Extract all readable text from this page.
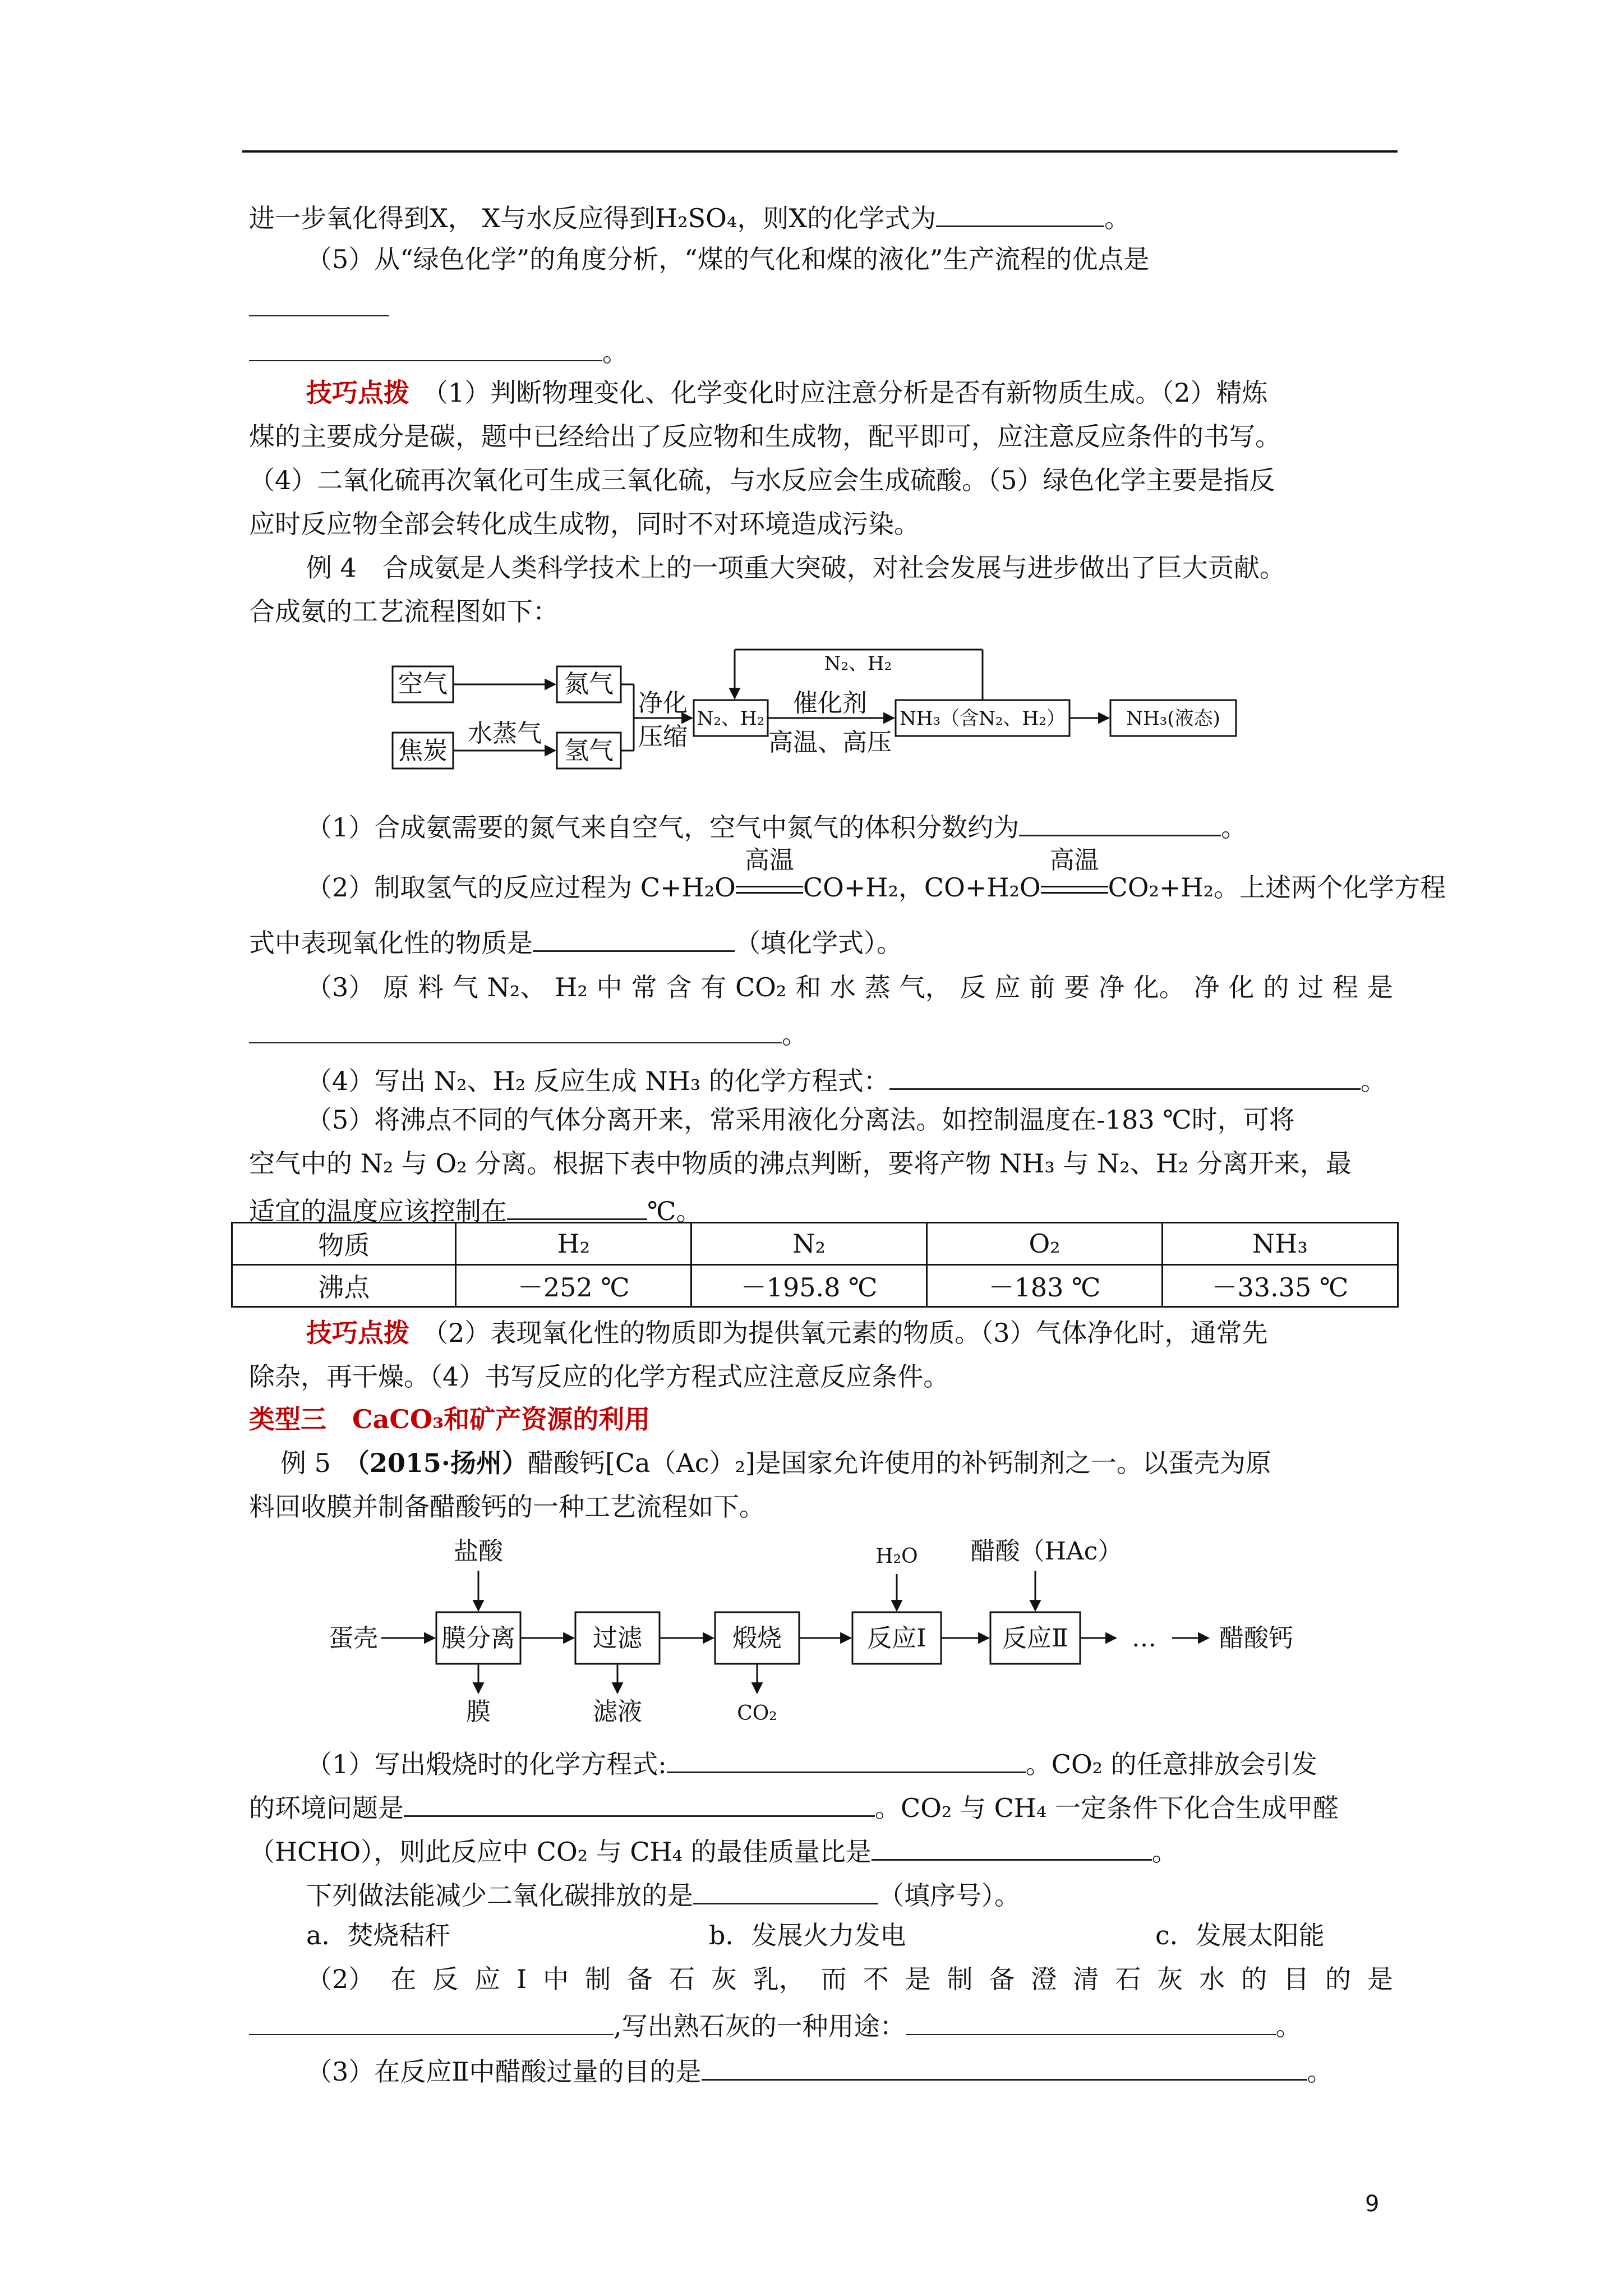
进一步氧化得到X， X与水反应得到H₂SO₄，则X的化学式为	。
（5）从“绿色化学”的角度分析，“煤的气化和煤的液化”生产流程的优点是
。
技巧点拨　 （1）判断物理变化、化学变化时应注意分析是否有新物质生成。（2）精炼
煤的主要成分是碳，题中已经给出了反应物和生成物，配平即可，应注意反应条件的书写。
（4）二氧化硫再次氧化可生成三氧化硫，与水反应会生成硫酸。（5）绿色化学主要是指反
应时反应物全部会转化成生成物，同时不对环境造成污染。
例 4　合成氨是人类科学技术上的一项重大突破，对社会发展与进步做出了巨大贡献。
合成氨的工艺流程图如下：
空气
焦炭
氮气
氢气
水蒸气
净化
压缩
催化剂
高温、高压
N₂、H₂	NH₃（含N₂、H₂）	NH₃(液态)
N₂、H₂
（1）合成氨需要的氮气来自空气，空气中氮气的体积分数约为	。
（2）制取氢气的反应过程为 C+H₂O
高温
CO+H₂，CO+H₂O
高温
CO₂+H₂。上述两个化学方程
式中表现氧化性的物质是	（填化学式）。
（3） 原 料 气 N₂、 H₂ 中 常 含 有 CO₂ 和 水 蒸 气， 反 应 前 要 净 化。 净 化 的 过 程 是
。
（4）写出 N₂、H₂ 反应生成 NH₃ 的化学方程式：	。
（5）将沸点不同的气体分离开来，常采用液化分离法。如控制温度在-183 ℃时，可将
空气中的 N₂ 与 O₂ 分离。根据下表中物质的沸点判断，要将产物 NH₃ 与 N₂、H₂ 分离开来，最
适宜的温度应该控制在	℃。
物质	H₂	N₂	O₂	NH₃
沸点	－252 ℃	－195.8 ℃	－183 ℃	－33.35 ℃
技巧点拨　 （2）表现氧化性的物质即为提供氧元素的物质。（3）气体净化时，通常先
除杂，再干燥。（4）书写反应的化学方程式应注意反应条件。
类型三　CaCO₃和矿产资源的利用
例 5　（2015·扬州）醋酸钙[Ca（Ac）₂]是国家允许使用的补钙制剂之一。以蛋壳为原
料回收膜并制备醋酸钙的一种工艺流程如下。
盐酸
蛋壳	膜分离	过滤	煅烧	反应Ⅰ	反应Ⅱ	…	醋酸钙
膜	滤液
醋酸（HAc）
H₂O
CO₂
（1）写出煅烧时的化学方程式:	。CO₂ 的任意排放会引发
的环境问题是	。CO₂ 与 CH₄ 一定条件下化合生成甲醛
（HCHO），则此反应中 CO₂ 与 CH₄ 的最佳质量比是	。
下列做法能减少二氧化碳排放的是	（填序号）。
a．焚烧秸秆	b．发展火力发电	c．发展太阳能
（2） 在 反 应 Ⅰ 中 制 备 石 灰 乳， 而 不 是 制 备 澄 清 石 灰 水 的 目 的 是
,写出熟石灰的一种用途：	。
（3）在反应Ⅱ中醋酸过量的目的是	。
9
